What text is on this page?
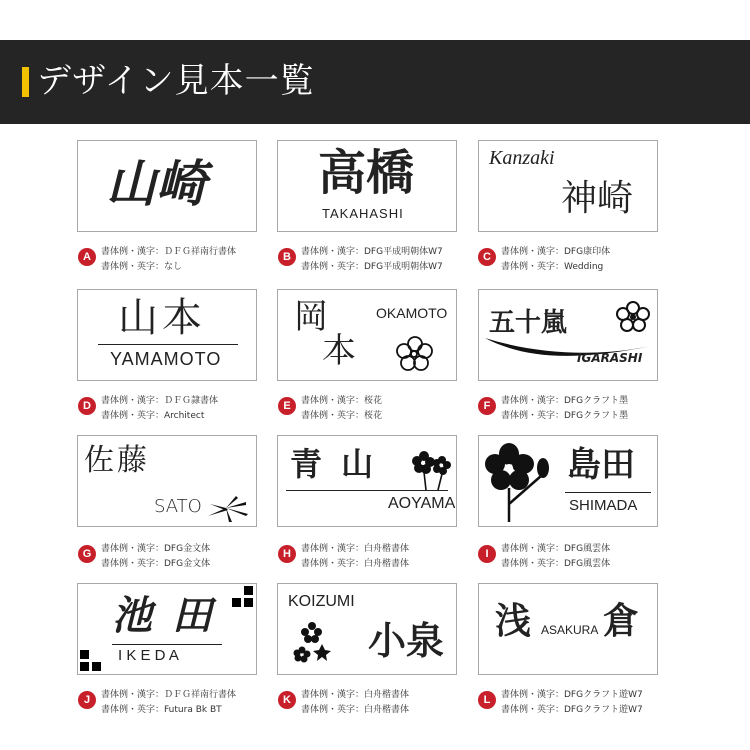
デザイン見本一覧
山崎
A	書体例・漢字：ＤＦＧ祥南行書体
書体例・英字：なし
高橋
TAKAHASHI
B	書体例・漢字：DFG平成明朝体W7
書体例・英字：DFG平成明朝体W7
Kanzaki
神崎
C	書体例・漢字：DFG康印体
書体例・英字：Wedding
山本
YAMAMOTO
D	書体例・漢字：ＤＦＧ隷書体
書体例・英字：Architect
岡
本
OKAMOTO
E	書体例・漢字：桜花
書体例・英字：桜花
五十嵐
IGARASHI
F	書体例・漢字：DFGクラフト墨
書体例・英字：DFGクラフト墨
佐藤
SATO
G	書体例・漢字：DFG金文体
書体例・英字：DFG金文体
青 山
AOYAMA
H	書体例・漢字：白舟楷書体
書体例・英字：白舟楷書体
島田
SHIMADA
I	書体例・漢字：DFG風雲体
書体例・英字：DFG風雲体
池 田
I K E D A
J	書体例・漢字：ＤＦＧ祥南行書体
書体例・英字：Futura Bk BT
KOIZUMI
小泉
K	書体例・漢字：白舟楷書体
書体例・英字：白舟楷書体
浅 ASAKURA 倉
L	書体例・漢字：DFGクラフト遊W7
書体例・英字：DFGクラフト遊W7
